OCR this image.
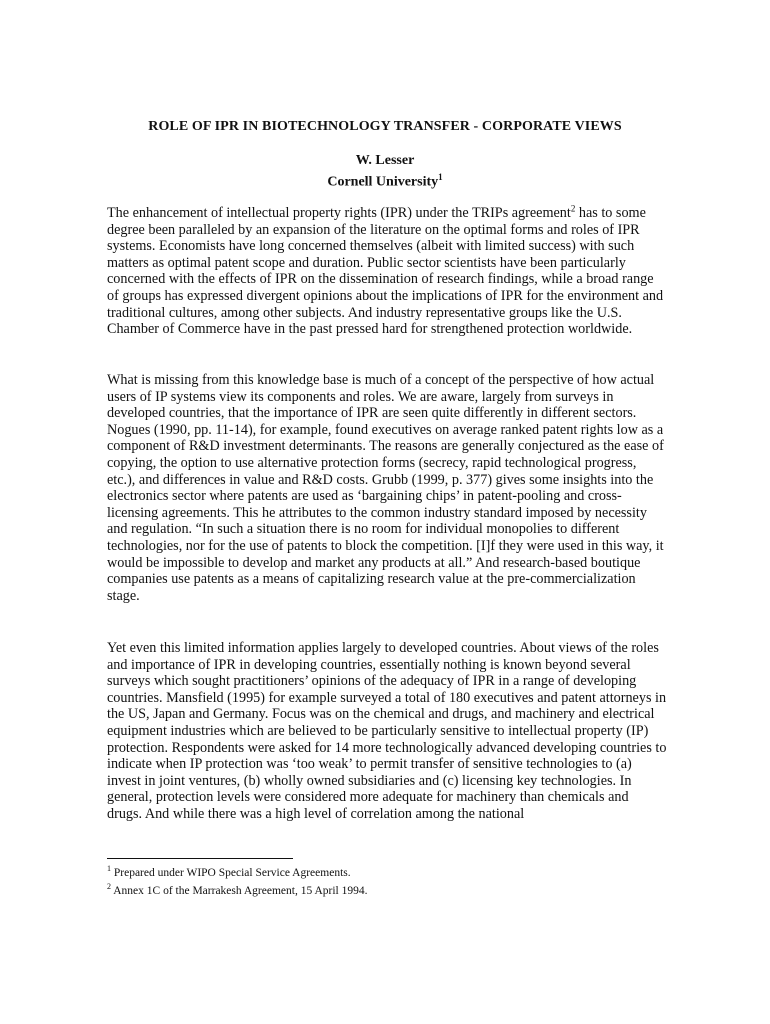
ROLE OF IPR IN BIOTECHNOLOGY TRANSFER - CORPORATE VIEWS
W. Lesser
Cornell University$^1$

The enhancement of intellectual property rights (IPR) under the TRIPs agreement$^2$ has to some degree been paralleled by an expansion of the literature on the optimal forms and roles of IPR systems. Economists have long concerned themselves (albeit with limited success) with such matters as optimal patent scope and duration. Public sector scientists have been particularly concerned with the effects of IPR on the dissemination of research findings, while a broad range of groups has expressed divergent opinions about the implications of IPR for the environment and traditional cultures, among other subjects. And industry representative groups like the U.S. Chamber of Commerce have in the past pressed hard for strengthened protection worldwide.

What is missing from this knowledge base is much of a concept of the perspective of how actual users of IP systems view its components and roles. We are aware, largely from surveys in developed countries, that the importance of IPR are seen quite differently in different sectors. Nogues (1990, pp. 11-14), for example, found executives on average ranked patent rights low as a component of R&D investment determinants. The reasons are generally conjectured as the ease of copying, the option to use alternative protection forms (secrecy, rapid technological progress, etc.), and differences in value and R&D costs. Grubb (1999, p. 377) gives some insights into the electronics sector where patents are used as ‘bargaining chips’ in patent-pooling and cross-licensing agreements. This he attributes to the common industry standard imposed by necessity and regulation. “In such a situation there is no room for individual monopolies to different technologies, nor for the use of patents to block the competition. [I]f they were used in this way, it would be impossible to develop and market any products at all.” And research-based boutique companies use patents as a means of capitalizing research value at the pre-commercialization stage.

Yet even this limited information applies largely to developed countries. About views of the roles and importance of IPR in developing countries, essentially nothing is known beyond several surveys which sought practitioners’ opinions of the adequacy of IPR in a range of developing countries. Mansfield (1995) for example surveyed a total of 180 executives and patent attorneys in the US, Japan and Germany. Focus was on the chemical and drugs, and machinery and electrical equipment industries which are believed to be particularly sensitive to intellectual property (IP) protection. Respondents were asked for 14 more technologically advanced developing countries to indicate when IP protection was ‘too weak’ to permit transfer of sensitive technologies to (a) invest in joint ventures, (b) wholly owned subsidiaries and (c) licensing key technologies. In general, protection levels were considered more adequate for machinery than chemicals and drugs. And while there was a high level of correlation among the national

$^1$ Prepared under WIPO Special Service Agreements.
$^2$ Annex 1C of the Marrakesh Agreement, 15 April 1994.
